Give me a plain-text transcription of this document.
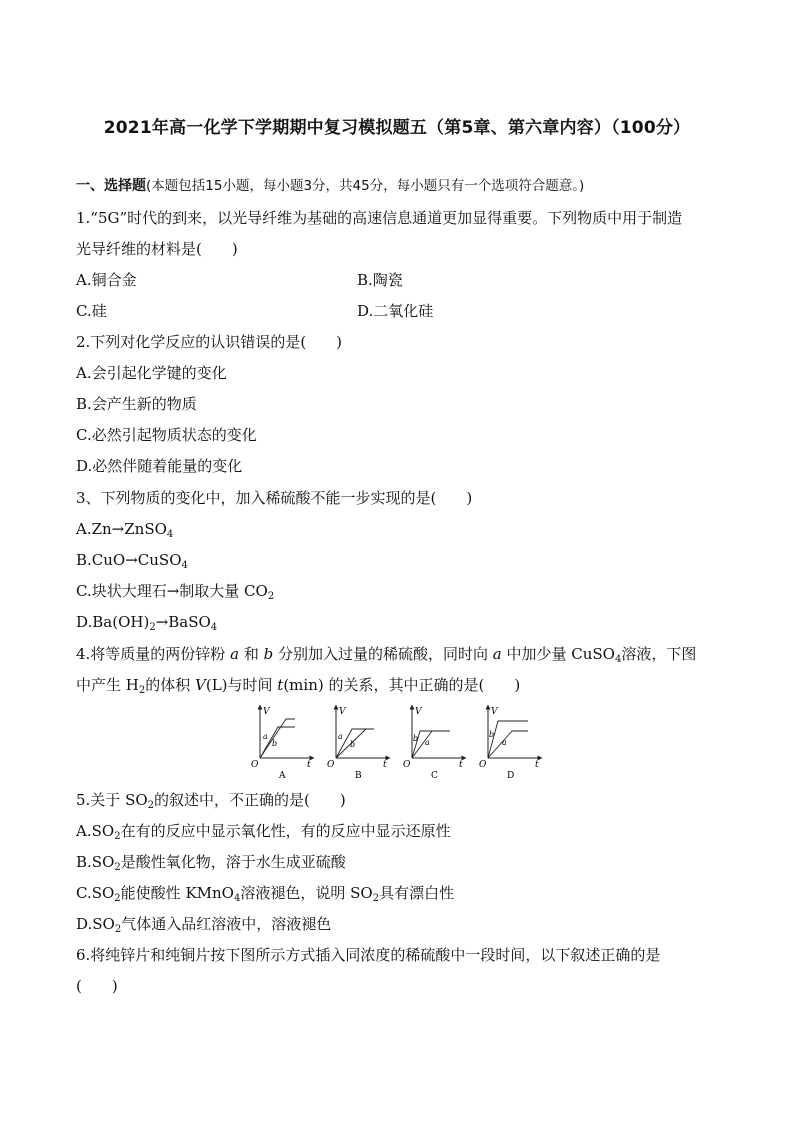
2021年高一化学下学期期中复习模拟题五（第5章、第六章内容）（100分）
一、选择题(本题包括15小题，每小题3分，共45分，每小题只有一个选项符合题意。)
1.“5G”时代的到来，以光导纤维为基础的高速信息通道更加显得重要。下列物质中用于制造
光导纤维的材料是(　　)
A.铜合金	B.陶瓷
C.硅	D.二氧化硅
2.下列对化学反应的认识错误的是(　　)
A.会引起化学键的变化
B.会产生新的物质
C.必然引起物质状态的变化
D.必然伴随着能量的变化
3、下列物质的变化中，加入稀硫酸不能一步实现的是(　　)
A.Zn→ZnSO$_4$
B.CuO→CuSO$_4$
C.块状大理石→制取大量 $CO_2$
$D.Ba(OH)_2\to BaSO_4$
4.将等质量的两份锌粉 a 和 b 分别加入过量的稀硫酸，同时向 a 中加少量 CuSO$_4$溶液，下图
中产生 $H_2$的体积 V(L)与时间 t(min) 的关系，其中正确的是(　　)
V
O	t
a
b
A
V
O	t
a
b
B
V
O	t
b a
C
V
O	t
b
a
D
5.关于 $SO_2$的叙述中，不正确的是(　　)
$A.SO_2$在有的反应中显示氧化性，有的反应中显示还原性
$B.SO_2$是酸性氧化物，溶于水生成亚硫酸
$C.SO_2$能使酸性 KMnO$_4$溶液褪色，说明 $SO_2$具有漂白性
$D.SO_2$气体通入品红溶液中，溶液褪色
6.将纯锌片和纯铜片按下图所示方式插入同浓度的稀硫酸中一段时间，以下叙述正确的是
(　　)
